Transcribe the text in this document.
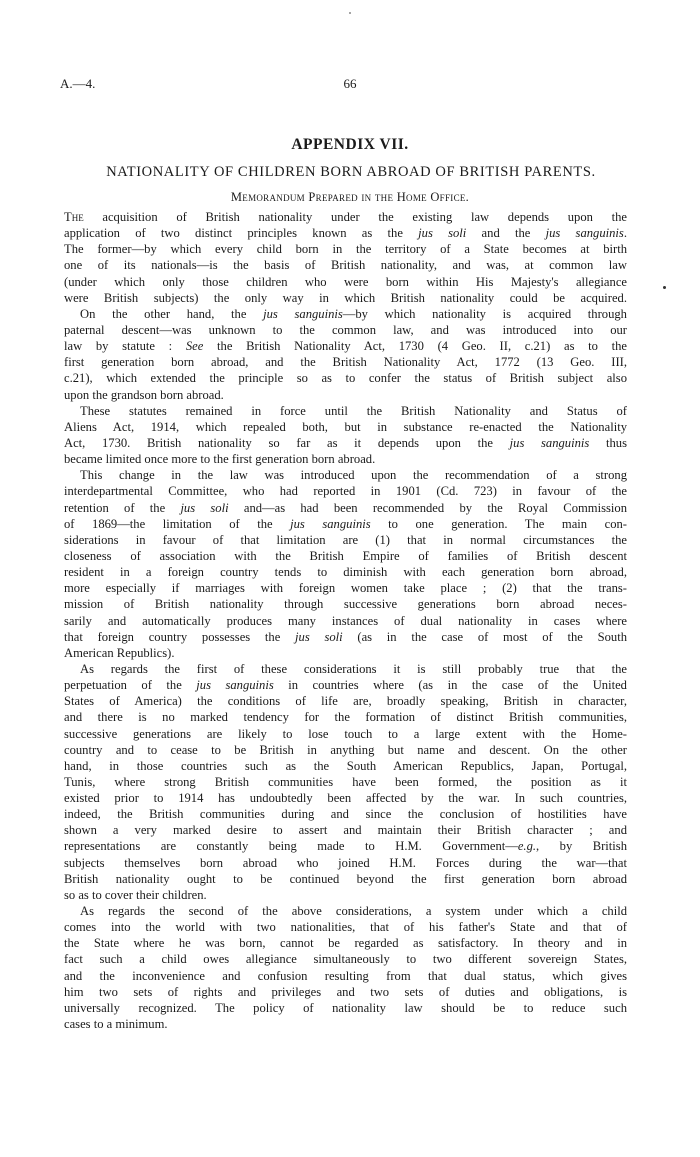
A.—4.	66
APPENDIX VII.
NATIONALITY OF CHILDREN BORN ABROAD OF BRITISH PARENTS.
Memorandum Prepared in the Home Office.
The acquisition of British nationality under the existing law depends upon the
application of two distinct principles known as the jus soli and the jus sanguinis.
The former—by which every child born in the territory of a State becomes at birth
one of its nationals—is the basis of British nationality, and was, at common law
(under which only those children who were born within His Majesty's allegiance
were British subjects) the only way in which British nationality could be acquired.
On the other hand, the jus sanguinis—by which nationality is acquired through
paternal descent—was unknown to the common law, and was introduced into our
law by statute : See the British Nationality Act, 1730 (4 Geo. II, c.21) as to the
first generation born abroad, and the British Nationality Act, 1772 (13 Geo. III,
c.21), which extended the principle so as to confer the status of British subject also
upon the grandson born abroad.
These statutes remained in force until the British Nationality and Status of
Aliens Act, 1914, which repealed both, but in substance re-enacted the Nationality
Act, 1730. British nationality so far as it depends upon the jus sanguinis thus
became limited once more to the first generation born abroad.
This change in the law was introduced upon the recommendation of a strong
interdepartmental Committee, who had reported in 1901 (Cd. 723) in favour of the
retention of the jus soli and—as had been recommended by the Royal Commission
of 1869—the limitation of the jus sanguinis to one generation. The main con-
siderations in favour of that limitation are (1) that in normal circumstances the
closeness of association with the British Empire of families of British descent
resident in a foreign country tends to diminish with each generation born abroad,
more especially if marriages with foreign women take place ; (2) that the trans-
mission of British nationality through successive generations born abroad neces-
sarily and automatically produces many instances of dual nationality in cases where
that foreign country possesses the jus soli (as in the case of most of the South
American Republics).
As regards the first of these considerations it is still probably true that the
perpetuation of the jus sanguinis in countries where (as in the case of the United
States of America) the conditions of life are, broadly speaking, British in character,
and there is no marked tendency for the formation of distinct British communities,
successive generations are likely to lose touch to a large extent with the Home-
country and to cease to be British in anything but name and descent. On the other
hand, in those countries such as the South American Republics, Japan, Portugal,
Tunis, where strong British communities have been formed, the position as it
existed prior to 1914 has undoubtedly been affected by the war. In such countries,
indeed, the British communities during and since the conclusion of hostilities have
shown a very marked desire to assert and maintain their British character ; and
representations are constantly being made to H.M. Government—e.g., by British
subjects themselves born abroad who joined H.M. Forces during the war—that
British nationality ought to be continued beyond the first generation born abroad
so as to cover their children.
As regards the second of the above considerations, a system under which a child
comes into the world with two nationalities, that of his father's State and that of
the State where he was born, cannot be regarded as satisfactory. In theory and in
fact such a child owes allegiance simultaneously to two different sovereign States,
and the inconvenience and confusion resulting from that dual status, which gives
him two sets of rights and privileges and two sets of duties and obligations, is
universally recognized. The policy of nationality law should be to reduce such
cases to a minimum.
